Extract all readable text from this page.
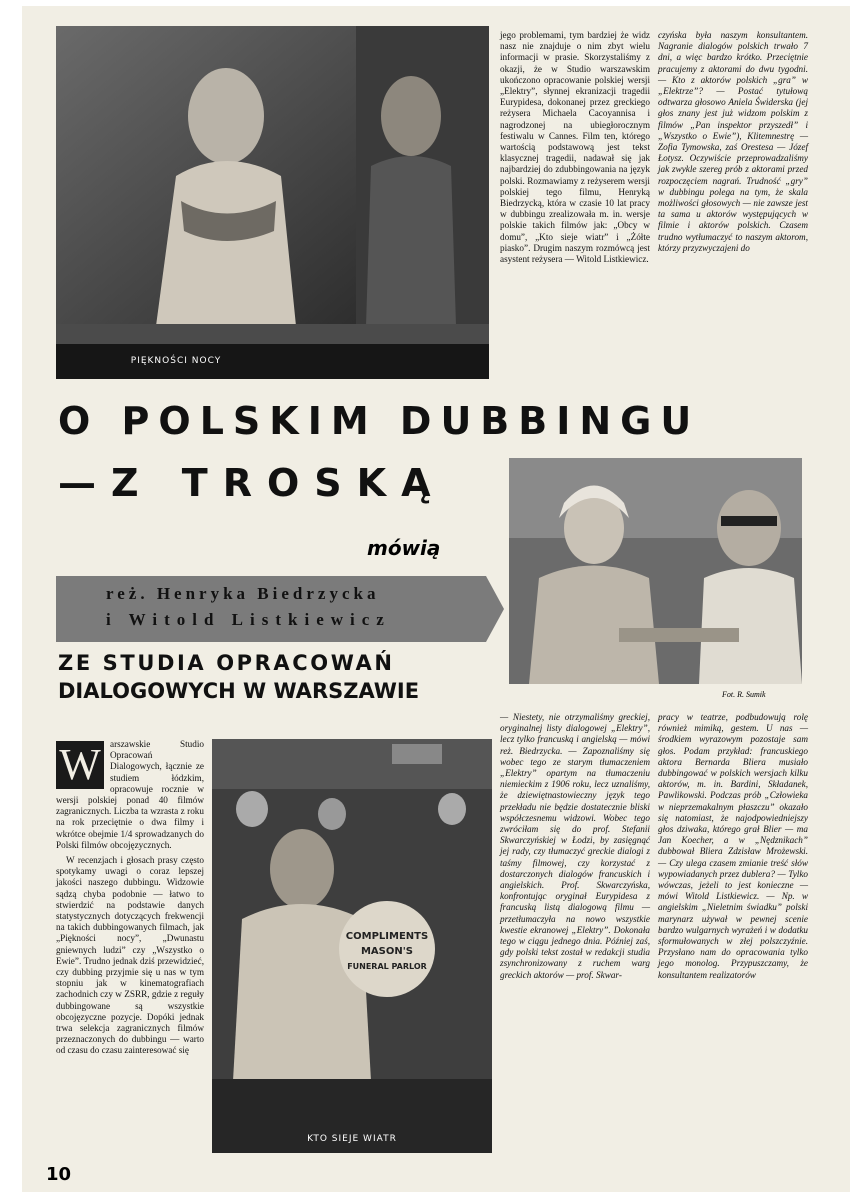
PIĘKNOŚCI NOCY
jego problemami, tym bardziej że widz nasz nie znajduje o nim zbyt wielu informacji w prasie. Skorzystaliśmy z okazji, że w Studio warszawskim ukończono opracowanie polskiej wersji „Elektry”, słynnej ekranizacji tragedii Eurypidesa, dokonanej przez greckiego reżysera Michaela Cacoyannisa i nagrodzonej na ubiegłorocznym festiwalu w Cannes. Film ten, którego wartością podstawową jest tekst klasycznej tragedii, nadawał się jak najbardziej do zdubbingowania na język polski. Rozmawiamy z reżyserem wersji polskiej tego filmu, Henryką Biedrzycką, która w czasie 10 lat pracy w dubbingu zrealizowała m. in. wersje polskie takich filmów jak: „Obcy w domu”, „Kto sieje wiatr” i „Żółte piasko”. Drugim naszym rozmówcą jest asystent reżysera — Witold Listkiewicz.
czyńska była naszym konsultantem. Nagranie dialogów polskich trwało 7 dni, a więc bardzo krótko. Przeciętnie pracujemy z aktorami do dwu tygodni. — Kto z aktorów polskich „gra” w „Elektrze”? — Postać tytułową odtwarza głosowo Aniela Świderska (jej głos znany jest już widzom polskim z filmów „Pan inspektor przyszedł” i „Wszystko o Ewie”), Klitemnestrę — Zofia Tymowska, zaś Orestesa — Józef Łotysz. Oczywiście przeprowadzaliśmy jak zwykle szereg prób z aktorami przed rozpoczęciem nagrań. Trudność „gry” w dubbingu polega na tym, że skala możliwości głosowych — nie zawsze jest ta sama u aktorów występujących w filmie i aktorów polskich. Czasem trudno wytłumaczyć to naszym aktorom, którzy przyzwyczajeni do
O POLSKIM DUBBINGU
—Z TROSKĄ
Fot. R. Sumik
mówią
reż. Henryka Biedrzycka
i Witold Listkiewicz
ZE STUDIA OPRACOWAŃ
DIALOGOWYCH W WARSZAWIE
W	arszawskie Studio Opracowań Dialogowych, łącznie ze studiem łódzkim, opracowuje rocznie w wersji polskiej ponad 40 filmów zagranicznych. Liczba ta wzrasta z roku na rok przeciętnie o dwa filmy i wkrótce obejmie 1/4 sprowadzanych do Polski filmów obcojęzycznych.

W recenzjach i głosach prasy często spotykamy uwagi o coraz lepszej jakości naszego dubbingu. Widzowie sądzą chyba podobnie — łatwo to stwierdzić na podstawie danych statystycznych dotyczących frekwencji na takich dubbingowanych filmach, jak „Piękności nocy”, „Dwunastu gniewnych ludzi” czy „Wszystko o Ewie”. Trudno jednak dziś przewidzieć, czy dubbing przyjmie się u nas w tym stopniu jak w kinematografiach zachodnich czy w ZSRR, gdzie z reguły dubbingowane są wszystkie obcojęzyczne pozycje. Dopóki jednak trwa selekcja zagranicznych filmów przeznaczonych do dubbingu — warto od czasu do czasu zainteresować się

COMPLIMENTS
MASON'S
FUNERAL PARLOR
KTO SIEJE WIATR
— Niestety, nie otrzymaliśmy greckiej, oryginalnej listy dialogowej „Elektry”, lecz tylko francuską i angielską — mówi reż. Biedrzycka. — Zapoznaliśmy się wobec tego ze starym tłumaczeniem „Elektry” opartym na tłumaczeniu niemieckim z 1906 roku, lecz uznaliśmy, że dziewiętnastowieczny język tego przekładu nie będzie dostatecznie bliski współczesnemu widzowi. Wobec tego zwróciłam się do prof. Stefanii Skwarczyńskiej w Łodzi, by zasięgnąć jej rady, czy tłumaczyć greckie dialogi z taśmy filmowej, czy korzystać z dostarczonych dialogów francuskich i angielskich. Prof. Skwarczyńska, konfrontując oryginał Eurypidesa z francuską listą dialogową filmu — przetłumaczyła na nowo wszystkie kwestie ekranowej „Elektry”. Dokonała tego w ciągu jednego dnia. Później zaś, gdy polski tekst został w redakcji studia zsynchronizowany z ruchem warg greckich aktorów — prof. Skwar-
pracy w teatrze, podbudowują rolę również mimiką, gestem. U nas — środkiem wyrazowym pozostaje sam głos. Podam przykład: francuskiego aktora Bernarda Bliera musiało dubbingować w polskich wersjach kilku aktorów, m. in. Bardini, Składanek, Pawlikowski. Podczas prób „Człowieka w nieprzemakalnym płaszczu” okazało się natomiast, że najodpowiedniejszy głos dziwaka, którego grał Blier — ma Jan Koecher, a w „Nędznikach” dubbował Bliera Zdzisław Mrożewski. — Czy ulega czasem zmianie treść słów wypowiadanych przez dublera? — Tylko wówczas, jeżeli to jest konieczne — mówi Witold Listkiewicz. — Np. w angielskim „Nieletnim świadku” polski marynarz używał w pewnej scenie bardzo wulgarnych wyrażeń i w dodatku sformułowanych w złej polszczyźnie. Przysłano nam do opracowania tylko jego monolog. Przypuszczamy, że konsultantem realizatorów
10
